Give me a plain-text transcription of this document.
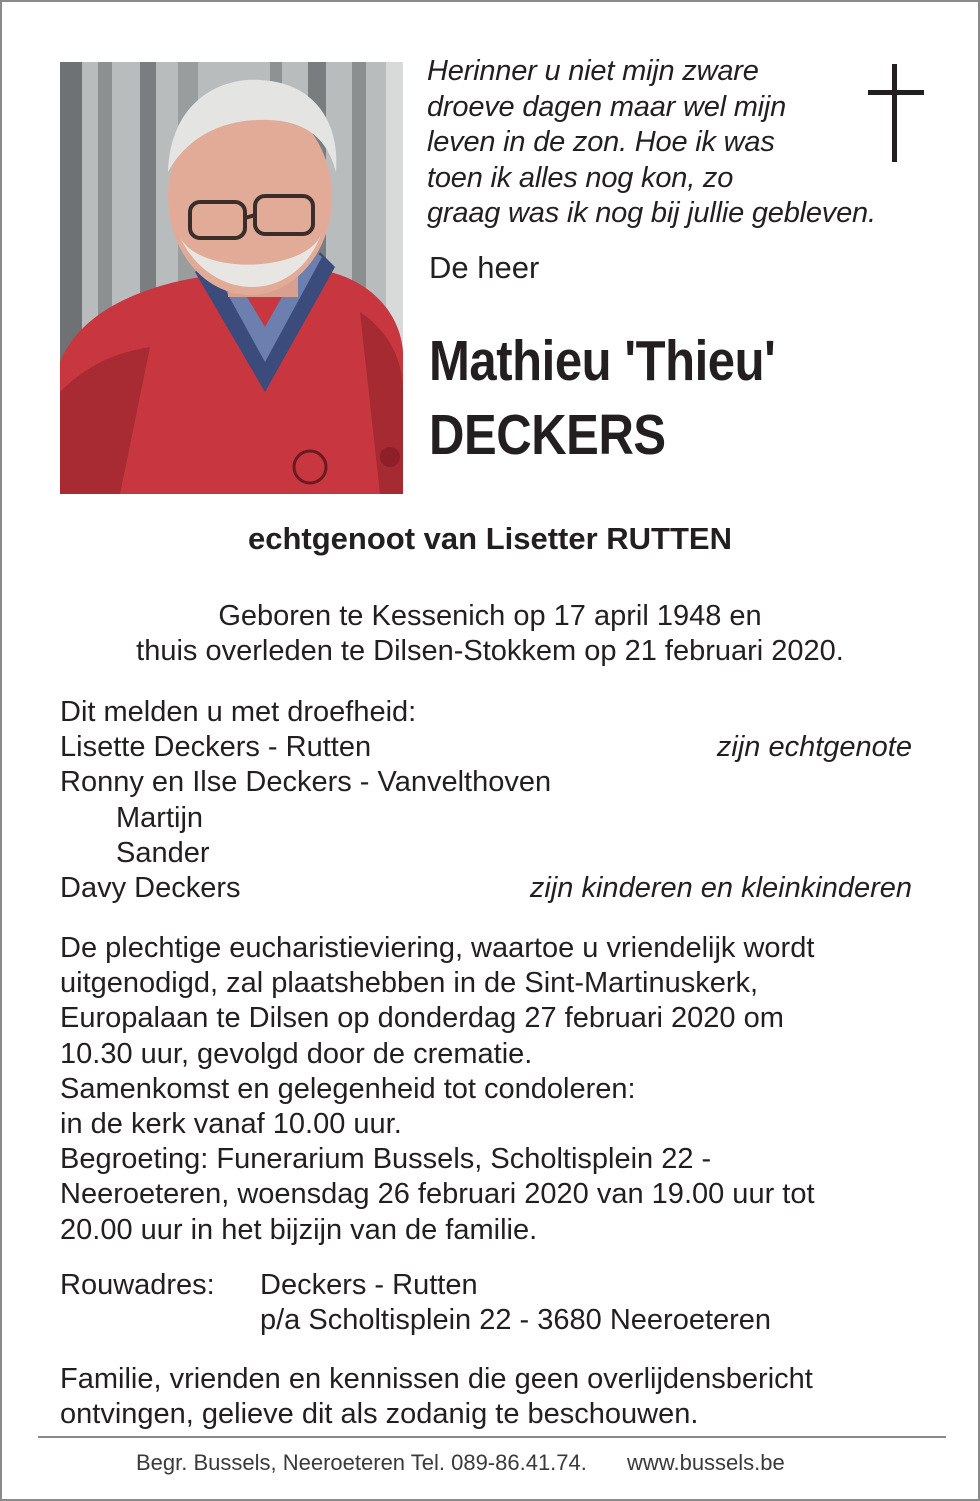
Herinner u niet mijn zware
droeve dagen maar wel mijn
leven in de zon. Hoe ik was
toen ik alles nog kon, zo
graag was ik nog bij jullie gebleven.
De heer
Mathieu 'Thieu'
DECKERS
echtgenoot van Lisetter RUTTEN
Geboren te Kessenich op 17 april 1948 en
thuis overleden te Dilsen-Stokkem op 21 februari 2020.
Dit melden u met droefheid:
Lisette Deckers - Rutten	zijn echtgenote
Ronny en Ilse Deckers - Vanvelthoven
Martijn
Sander
Davy Deckers	zijn kinderen en kleinkinderen
De plechtige eucharistieviering, waartoe u vriendelijk wordt
uitgenodigd, zal plaatshebben in de Sint-Martinuskerk,
Europalaan te Dilsen op donderdag 27 februari 2020 om
10.30 uur, gevolgd door de crematie.
Samenkomst en gelegenheid tot condoleren:
in de kerk vanaf 10.00 uur.
Begroeting: Funerarium Bussels, Scholtisplein 22 -
Neeroeteren, woensdag 26 februari 2020 van 19.00 uur tot
20.00 uur in het bijzijn van de familie.
Rouwadres: Deckers - Rutten
p/a Scholtisplein 22 - 3680 Neeroeteren
Familie, vrienden en kennissen die geen overlijdensbericht
ontvingen, gelieve dit als zodanig te beschouwen.
Begr. Bussels, Neeroeteren Tel. 089-86.41.74. www.bussels.be
